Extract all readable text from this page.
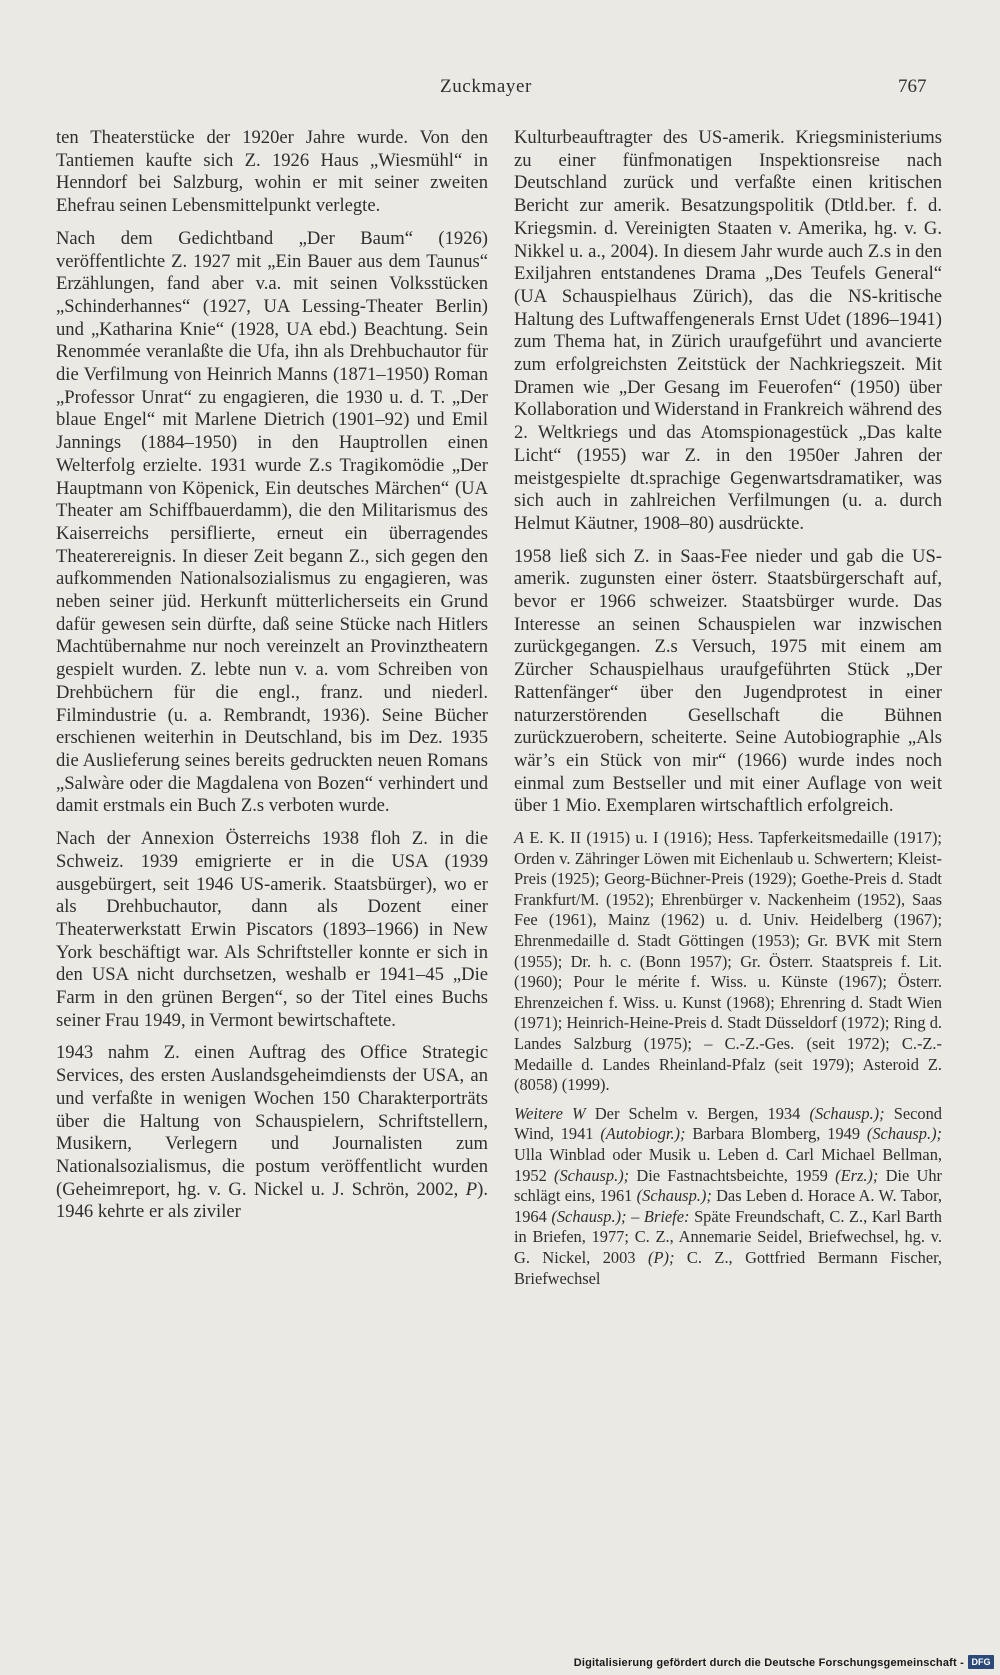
Zuckmayer	767

ten Theaterstücke der 1920er Jahre wurde. Von den Tantiemen kaufte sich Z. 1926 Haus „Wiesmühl“ in Henndorf bei Salzburg, wohin er mit seiner zweiten Ehefrau seinen Lebensmittelpunkt verlegte.

Nach dem Gedichtband „Der Baum“ (1926) veröffentlichte Z. 1927 mit „Ein Bauer aus dem Taunus“ Erzählungen, fand aber v.a. mit seinen Volksstücken „Schinderhannes“ (1927, UA Lessing-Theater Berlin) und „Katharina Knie“ (1928, UA ebd.) Beachtung. Sein Renommée veranlaßte die Ufa, ihn als Drehbuchautor für die Verfilmung von Heinrich Manns (1871–1950) Roman „Professor Unrat“ zu engagieren, die 1930 u. d. T. „Der blaue Engel“ mit Marlene Dietrich (1901–92) und Emil Jannings (1884–1950) in den Hauptrollen einen Welterfolg erzielte. 1931 wurde Z.s Tragikomödie „Der Hauptmann von Köpenick, Ein deutsches Märchen“ (UA Theater am Schiffbauerdamm), die den Militarismus des Kaiserreichs persiflierte, erneut ein überragendes Theaterereignis. In dieser Zeit begann Z., sich gegen den aufkommenden Nationalsozialismus zu engagieren, was neben seiner jüd. Herkunft mütterlicherseits ein Grund dafür gewesen sein dürfte, daß seine Stücke nach Hitlers Machtübernahme nur noch vereinzelt an Provinztheatern gespielt wurden. Z. lebte nun v. a. vom Schreiben von Drehbüchern für die engl., franz. und niederl. Filmindustrie (u. a. Rembrandt, 1936). Seine Bücher erschienen weiterhin in Deutschland, bis im Dez. 1935 die Auslieferung seines bereits gedruckten neuen Romans „Salwàre oder die Magdalena von Bozen“ verhindert und damit erstmals ein Buch Z.s verboten wurde.

Nach der Annexion Österreichs 1938 floh Z. in die Schweiz. 1939 emigrierte er in die USA (1939 ausgebürgert, seit 1946 US-amerik. Staatsbürger), wo er als Drehbuchautor, dann als Dozent einer Theaterwerkstatt Erwin Piscators (1893–1966) in New York beschäftigt war. Als Schriftsteller konnte er sich in den USA nicht durchsetzen, weshalb er 1941–45 „Die Farm in den grünen Bergen“, so der Titel eines Buchs seiner Frau 1949, in Vermont bewirtschaftete.

1943 nahm Z. einen Auftrag des Office Strategic Services, des ersten Auslandsgeheimdiensts der USA, an und verfaßte in wenigen Wochen 150 Charakterporträts über die Haltung von Schauspielern, Schriftstellern, Musikern, Verlegern und Journalisten zum Nationalsozialismus, die postum veröffentlicht wurden (Geheimreport, hg. v. G. Nickel u. J. Schrön, 2002, P). 1946 kehrte er als ziviler

Kulturbeauftragter des US-amerik. Kriegsministeriums zu einer fünfmonatigen Inspektionsreise nach Deutschland zurück und verfaßte einen kritischen Bericht zur amerik. Besatzungspolitik (Dtld.ber. f. d. Kriegsmin. d. Vereinigten Staaten v. Amerika, hg. v. G. Nikkel u. a., 2004). In diesem Jahr wurde auch Z.s in den Exiljahren entstandenes Drama „Des Teufels General“ (UA Schauspielhaus Zürich), das die NS-kritische Haltung des Luftwaffengenerals Ernst Udet (1896–1941) zum Thema hat, in Zürich uraufgeführt und avancierte zum erfolgreichsten Zeitstück der Nachkriegszeit. Mit Dramen wie „Der Gesang im Feuerofen“ (1950) über Kollaboration und Widerstand in Frankreich während des 2. Weltkriegs und das Atomspionagestück „Das kalte Licht“ (1955) war Z. in den 1950er Jahren der meistgespielte dt.sprachige Gegenwartsdramatiker, was sich auch in zahlreichen Verfilmungen (u. a. durch Helmut Käutner, 1908–80) ausdrückte.

1958 ließ sich Z. in Saas-Fee nieder und gab die US-amerik. zugunsten einer österr. Staatsbürgerschaft auf, bevor er 1966 schweizer. Staatsbürger wurde. Das Interesse an seinen Schauspielen war inzwischen zurückgegangen. Z.s Versuch, 1975 mit einem am Zürcher Schauspielhaus uraufgeführten Stück „Der Rattenfänger“ über den Jugendprotest in einer naturzerstörenden Gesellschaft die Bühnen zurückzuerobern, scheiterte. Seine Autobiographie „Als wär’s ein Stück von mir“ (1966) wurde indes noch einmal zum Bestseller und mit einer Auflage von weit über 1 Mio. Exemplaren wirtschaftlich erfolgreich.

A E. K. II (1915) u. I (1916); Hess. Tapferkeitsmedaille (1917); Orden v. Zähringer Löwen mit Eichenlaub u. Schwertern; Kleist-Preis (1925); Georg-Büchner-Preis (1929); Goethe-Preis d. Stadt Frankfurt/M. (1952); Ehrenbürger v. Nackenheim (1952), Saas Fee (1961), Mainz (1962) u. d. Univ. Heidelberg (1967); Ehrenmedaille d. Stadt Göttingen (1953); Gr. BVK mit Stern (1955); Dr. h. c. (Bonn 1957); Gr. Österr. Staatspreis f. Lit. (1960); Pour le mérite f. Wiss. u. Künste (1967); Österr. Ehrenzeichen f. Wiss. u. Kunst (1968); Ehrenring d. Stadt Wien (1971); Heinrich-Heine-Preis d. Stadt Düsseldorf (1972); Ring d. Landes Salzburg (1975); – C.-Z.-Ges. (seit 1972); C.-Z.-Medaille d. Landes Rheinland-Pfalz (seit 1979); Asteroid Z. (8058) (1999).

Weitere W Der Schelm v. Bergen, 1934 (Schausp.); Second Wind, 1941 (Autobiogr.); Barbara Blomberg, 1949 (Schausp.); Ulla Winblad oder Musik u. Leben d. Carl Michael Bellman, 1952 (Schausp.); Die Fastnachtsbeichte, 1959 (Erz.); Die Uhr schlägt eins, 1961 (Schausp.); Das Leben d. Horace A. W. Tabor, 1964 (Schausp.); – Briefe: Späte Freundschaft, C. Z., Karl Barth in Briefen, 1977; C. Z., Annemarie Seidel, Briefwechsel, hg. v. G. Nickel, 2003 (P); C. Z., Gottfried Bermann Fischer, Briefwechsel

Digitalisierung gefördert durch die Deutsche Forschungsgemeinschaft - DFG
